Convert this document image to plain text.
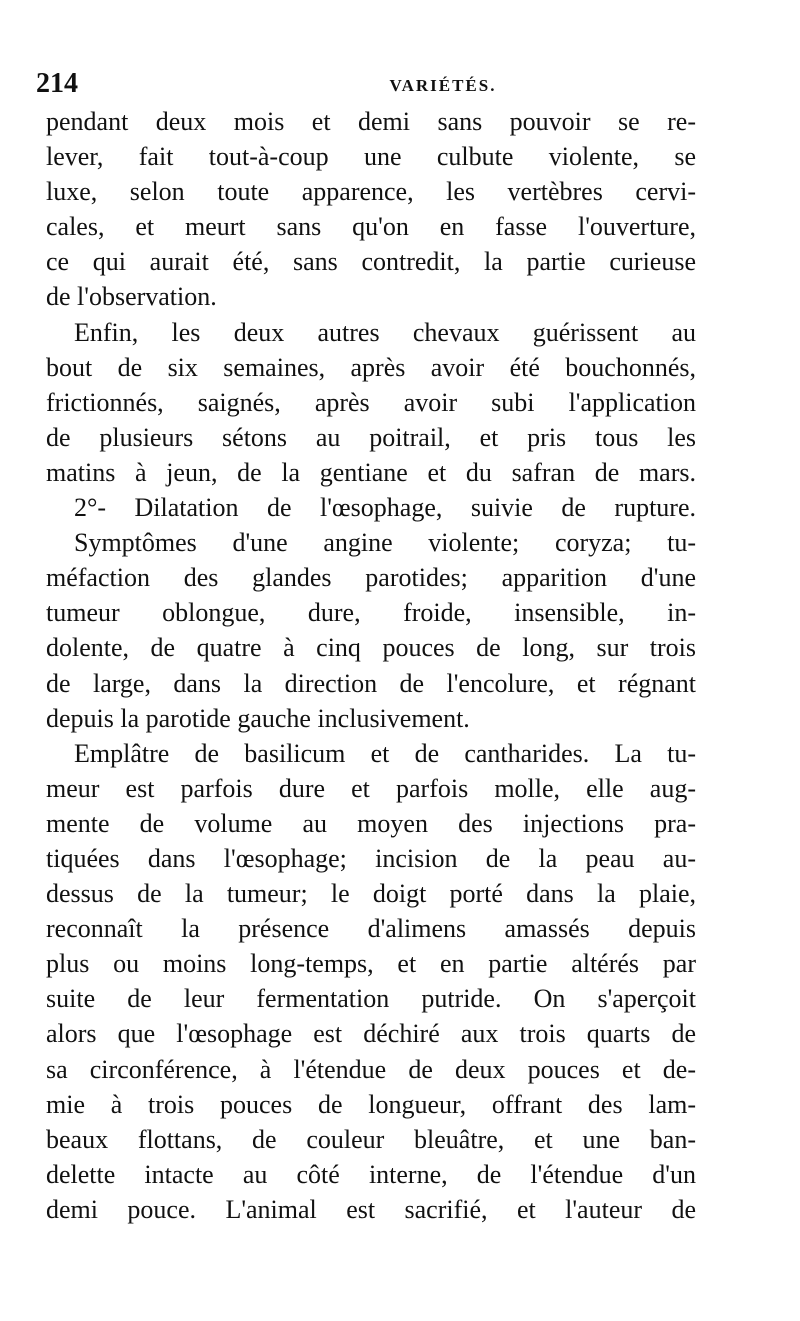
214	VARIÉTÉS.
pendant deux mois et demi sans pouvoir se re-
lever, fait tout-à-coup une culbute violente, se
luxe, selon toute apparence, les vertèbres cervi-
cales, et meurt sans qu'on en fasse l'ouverture,
ce qui aurait été, sans contredit, la partie curieuse
de l'observation.
Enfin, les deux autres chevaux guérissent au
bout de six semaines, après avoir été bouchonnés,
frictionnés, saignés, après avoir subi l'application
de plusieurs sétons au poitrail, et pris tous les
matins à jeun, de la gentiane et du safran de mars.
2°- Dilatation de l'œsophage, suivie de rupture.
Symptômes d'une angine violente; coryza; tu-
méfaction des glandes parotides; apparition d'une
tumeur oblongue, dure, froide, insensible, in-
dolente, de quatre à cinq pouces de long, sur trois
de large, dans la direction de l'encolure, et régnant
depuis la parotide gauche inclusivement.
Emplâtre de basilicum et de cantharides. La tu-
meur est parfois dure et parfois molle, elle aug-
mente de volume au moyen des injections pra-
tiquées dans l'œsophage; incision de la peau au-
dessus de la tumeur; le doigt porté dans la plaie,
reconnaît la présence d'alimens amassés depuis
plus ou moins long-temps, et en partie altérés par
suite de leur fermentation putride. On s'aperçoit
alors que l'œsophage est déchiré aux trois quarts de
sa circonférence, à l'étendue de deux pouces et de-
mie à trois pouces de longueur, offrant des lam-
beaux flottans, de couleur bleuâtre, et une ban-
delette intacte au côté interne, de l'étendue d'un
demi pouce. L'animal est sacrifié, et l'auteur de
